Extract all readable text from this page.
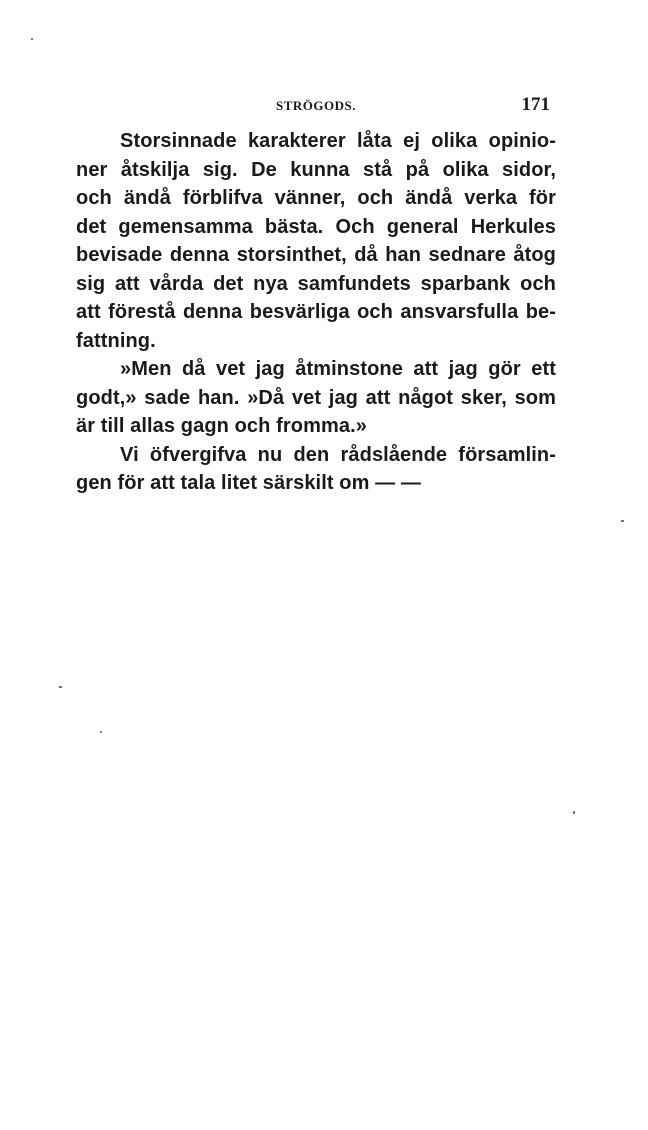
STRÖGODS.	171
Storsinnade karakterer låta ej olika opinio-
ner åtskilja sig. De kunna stå på olika sidor,
och ändå förblifva vänner, och ändå verka för
det gemensamma bästa. Och general Herkules
bevisade denna storsinthet, då han sednare åtog
sig att vårda det nya samfundets sparbank och
att förestå denna besvärliga och ansvarsfulla be-
fattning.
»Men då vet jag åtminstone att jag gör ett
godt,» sade han. »Då vet jag att något sker, som
är till allas gagn och fromma.»
Vi öfvergifva nu den rådslående församlin-
gen för att tala litet särskilt om — —
